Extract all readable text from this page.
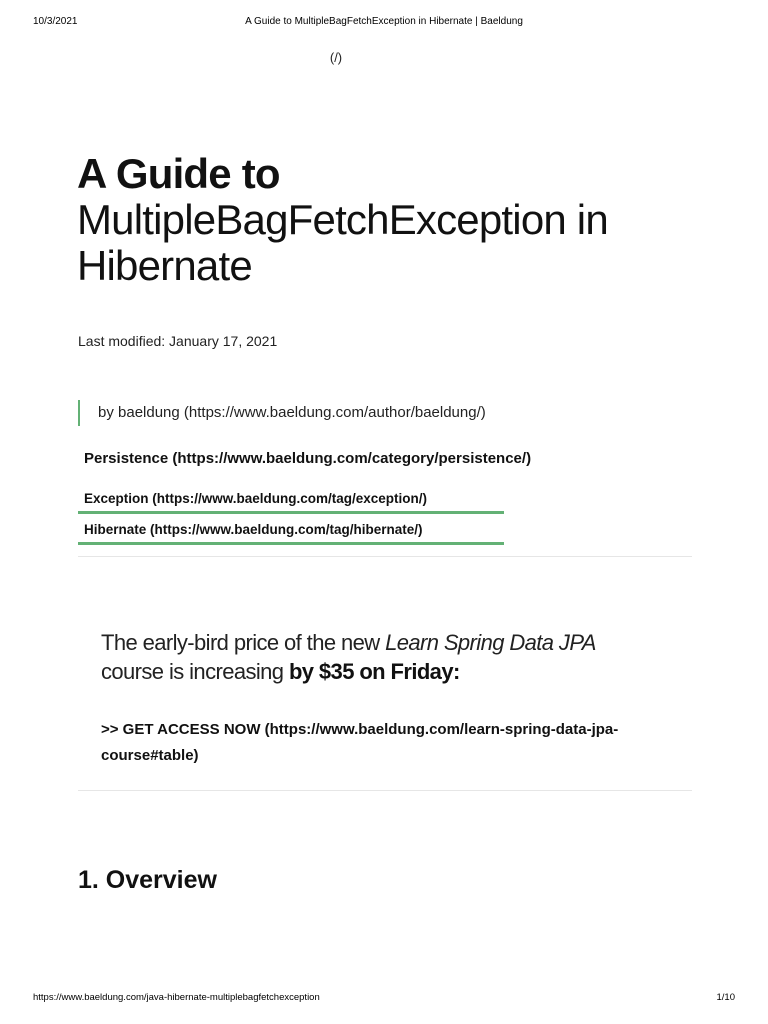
10/3/2021	A Guide to MultipleBagFetchException in Hibernate | Baeldung
(/)
A Guide to
MultipleBagFetchException in
Hibernate
Last modified: January 17, 2021
by baeldung (https://www.baeldung.com/author/baeldung/)
Persistence (https://www.baeldung.com/category/persistence/)
Exception (https://www.baeldung.com/tag/exception/)
Hibernate (https://www.baeldung.com/tag/hibernate/)

The early-bird price of the new Learn Spring Data JPA course is increasing by $35 on Friday:

>> GET ACCESS NOW (https://www.baeldung.com/learn-spring-data-jpa-course#table)
1. Overview
https://www.baeldung.com/java-hibernate-multiplebagfetchexception	1/10
